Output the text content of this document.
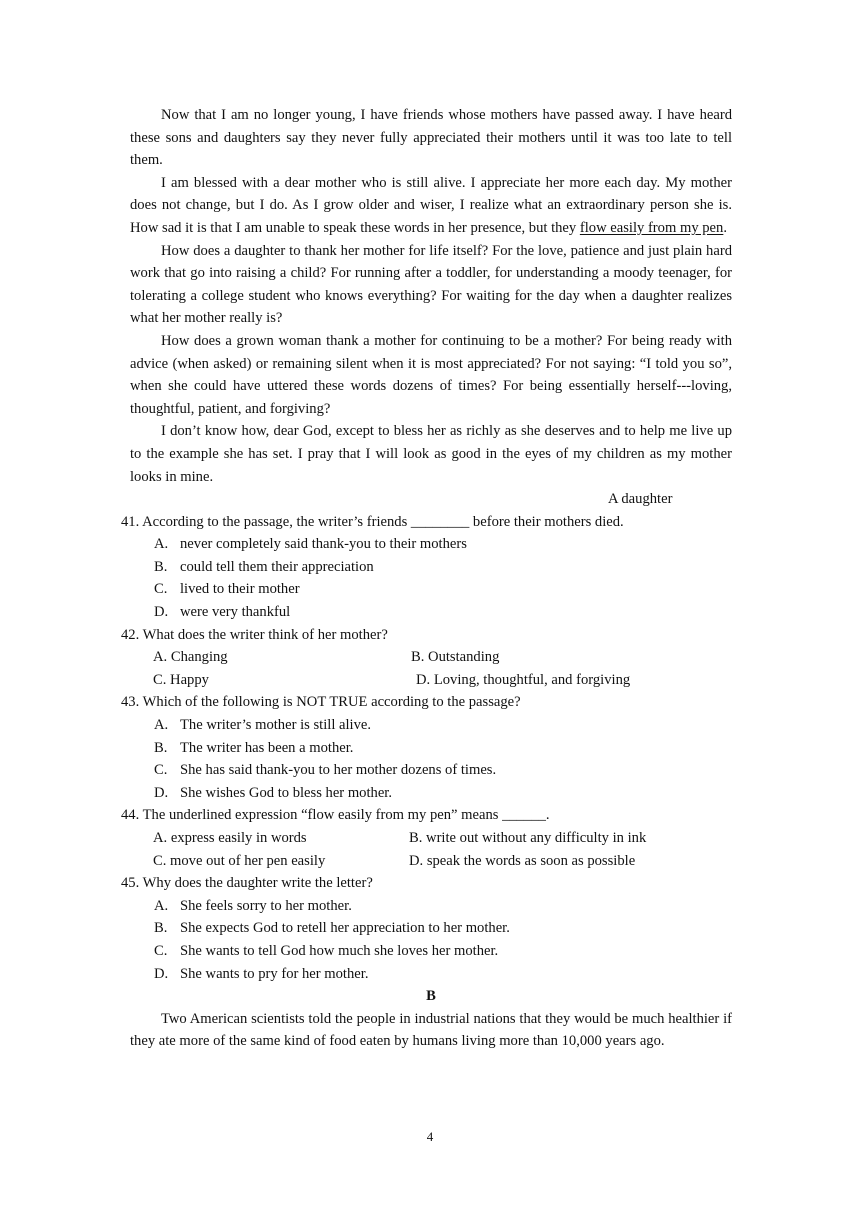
Now that I am no longer young, I have friends whose mothers have passed away. I have heard these sons and daughters say they never fully appreciated their mothers until it was too late to tell them.

I am blessed with a dear mother who is still alive. I appreciate her more each day. My mother does not change, but I do. As I grow older and wiser, I realize what an extraordinary person she is. How sad it is that I am unable to speak these words in her presence, but they flow easily from my pen.

How does a daughter to thank her mother for life itself? For the love, patience and just plain hard work that go into raising a child? For running after a toddler, for understanding a moody teenager, for tolerating a college student who knows everything? For waiting for the day when a daughter realizes what her mother really is?

How does a grown woman thank a mother for continuing to be a mother? For being ready with advice (when asked) or remaining silent when it is most appreciated? For not saying: “I told you so”, when she could have uttered these words dozens of times? For being essentially herself---loving, thoughtful, patient, and forgiving?

I don’t know how, dear God, except to bless her as richly as she deserves and to help me live up to the example she has set. I pray that I will look as good in the eyes of my children as my mother looks in mine.

A daughter

41. According to the passage, the writer’s friends ________ before their mothers died.

A. never completely said thank-you to their mothers
B. could tell them their appreciation
C. lived to their mother
D. were very thankful

42. What does the writer think of her mother?

A. Changing	B. Outstanding
C. Happy	D. Loving, thoughtful, and forgiving

43. Which of the following is NOT TRUE according to the passage?

A. The writer’s mother is still alive.
B. The writer has been a mother.
C. She has said thank-you to her mother dozens of times.
D. She wishes God to bless her mother.

44. The underlined expression “flow easily from my pen” means ______.

A. express easily in words	B. write out without any difficulty in ink
C. move out of her pen easily	D. speak the words as soon as possible

45. Why does the daughter write the letter?

A. She feels sorry to her mother.
B. She expects God to retell her appreciation to her mother.
C. She wants to tell God how much she loves her mother.
D. She wants to pry for her mother.

B

Two American scientists told the people in industrial nations that they would be much healthier if they ate more of the same kind of food eaten by humans living more than 10,000 years ago.

4
